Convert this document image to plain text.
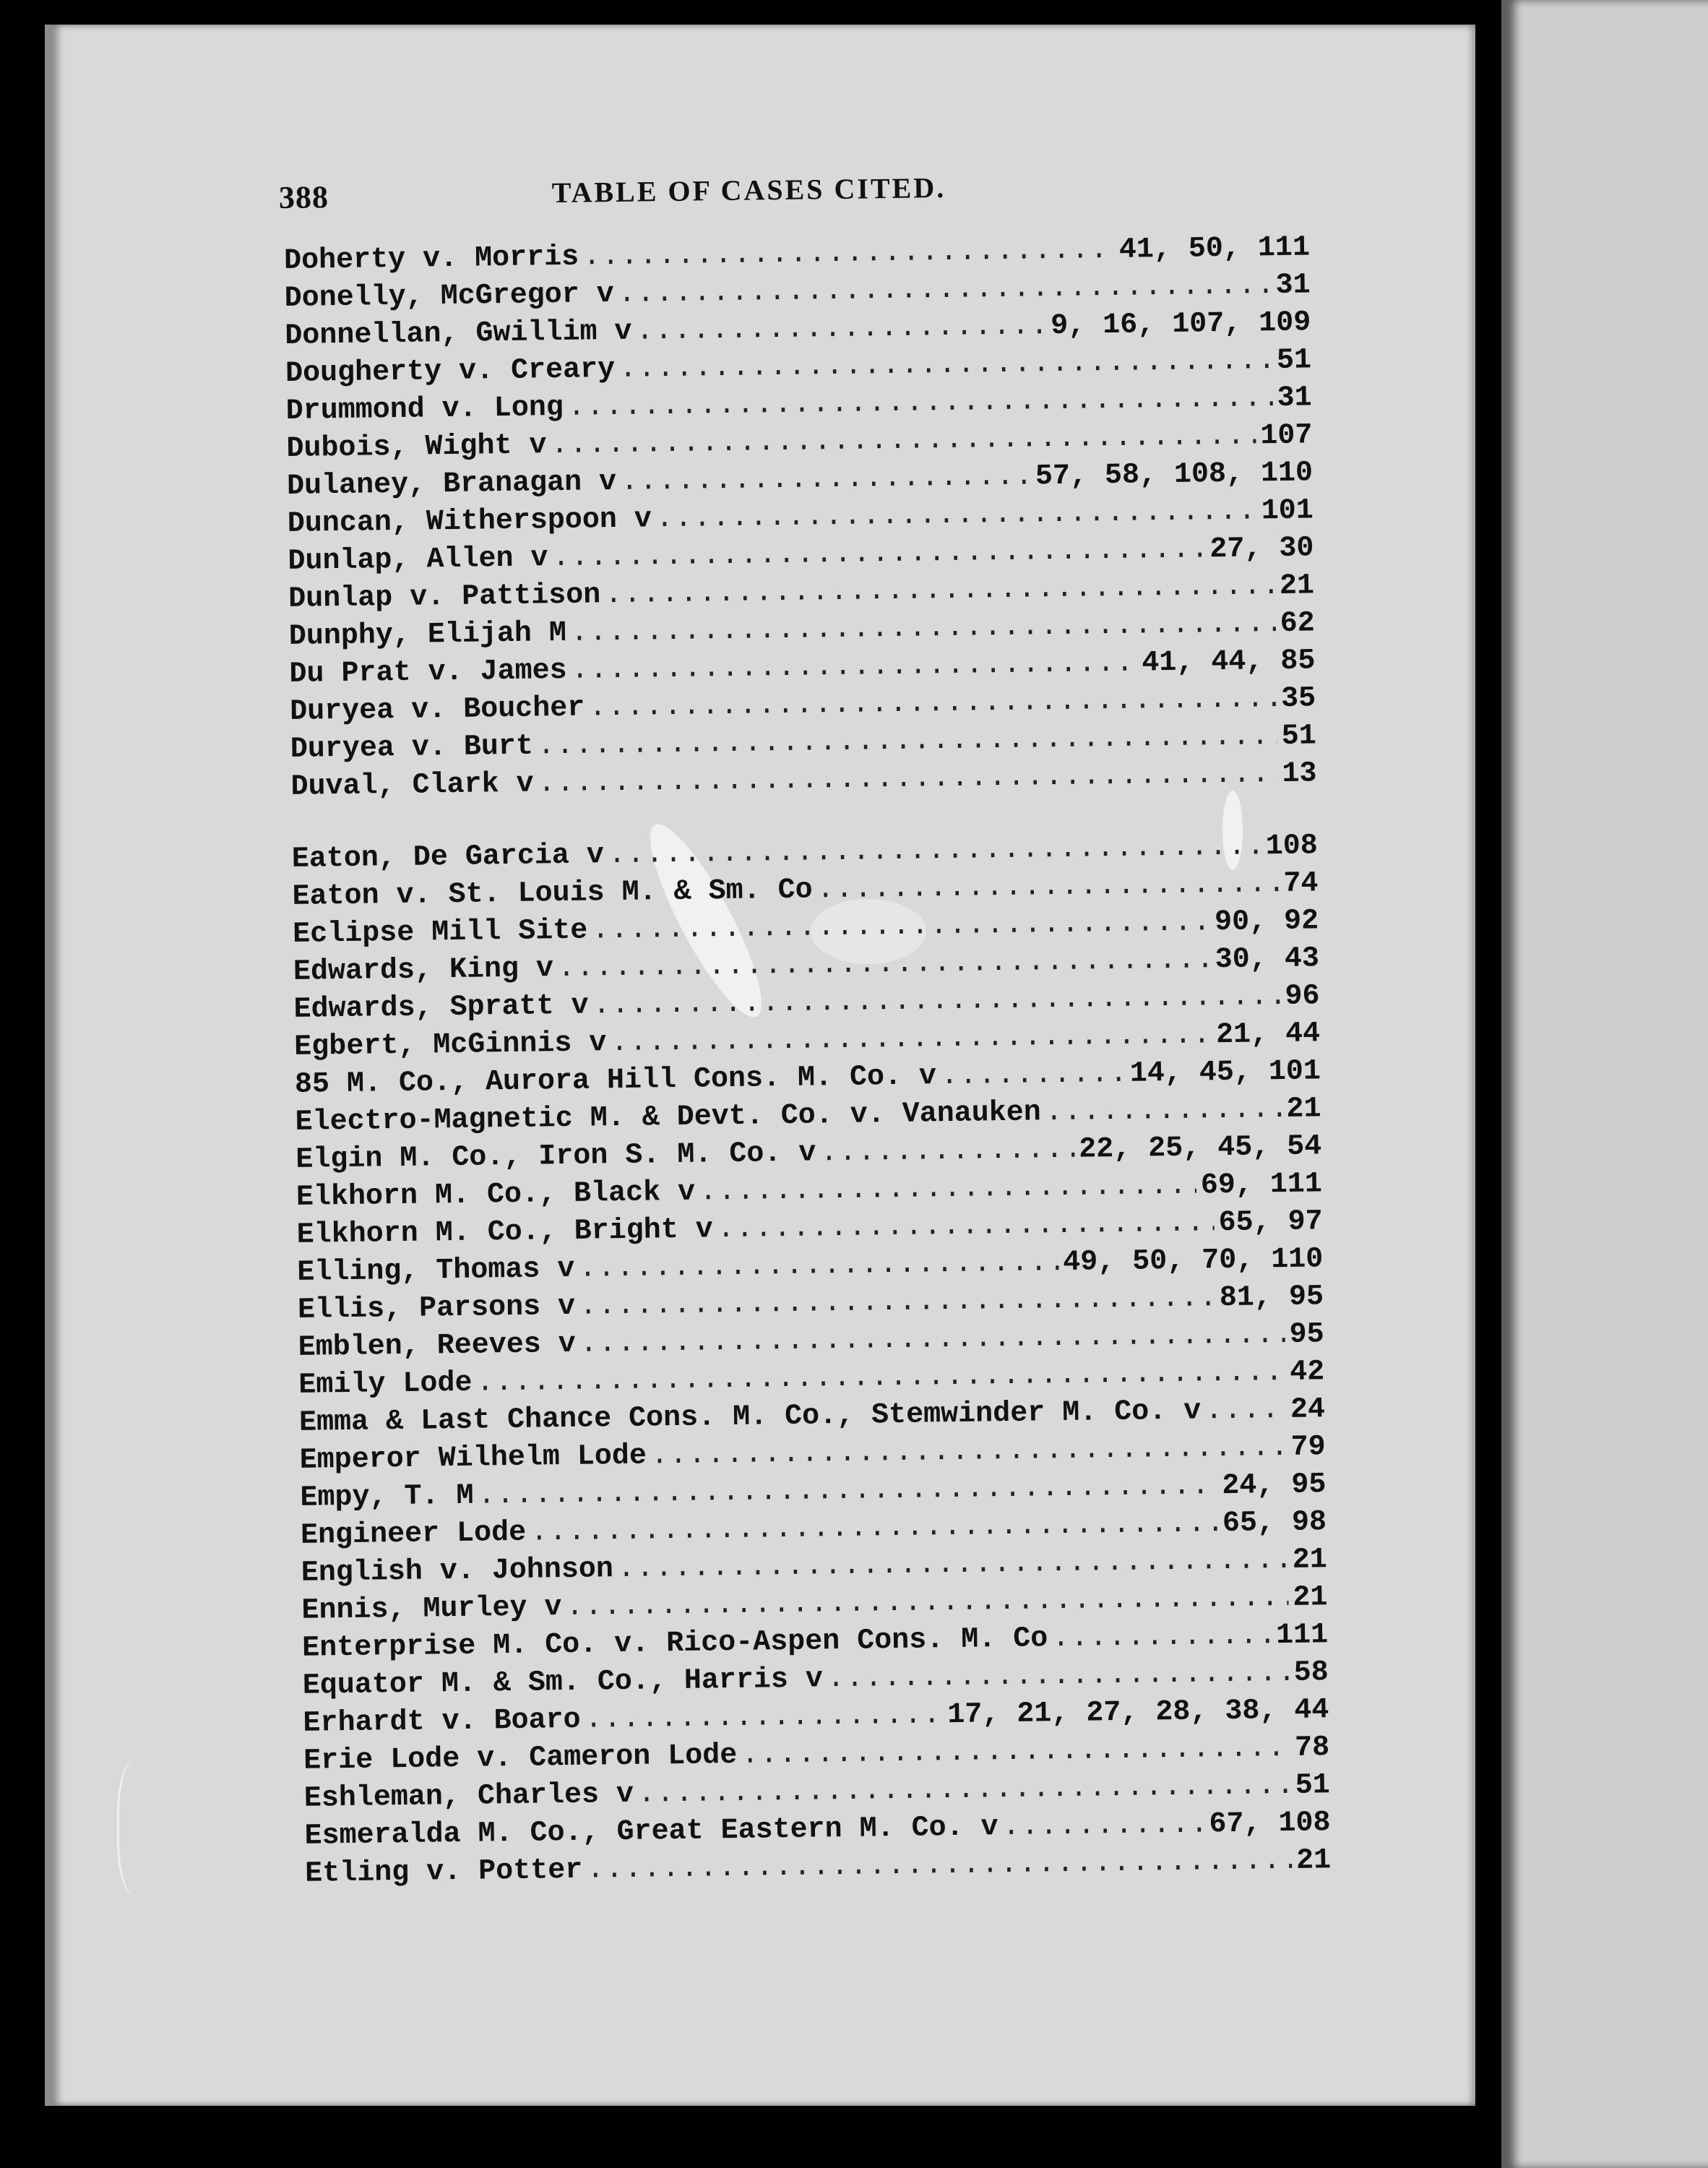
388	TABLE OF CASES CITED.
Doherty v. Morris .....	41, 50, 111
Donelly, McGregor v .....	31
Donnellan, Gwillim v .....	9, 16, 107, 109
Dougherty v. Creary .....	51
Drummond v. Long .....	31
Dubois, Wight v .....	107
Dulaney, Branagan v .....	57, 58, 108, 110
Duncan, Witherspoon v .....	101
Dunlap, Allen v .....	27, 30
Dunlap v. Pattison .....	21
Dunphy, Elijah M .....	62
Du Prat v. James .....	41, 44, 85
Duryea v. Boucher .....	35
Duryea v. Burt .....	51
Duval, Clark v .....	13
Eaton, De Garcia v .....	108
Eaton v. St. Louis M. & Sm. Co .....	74
Eclipse Mill Site .....	90, 92
Edwards, King v .....	30, 43
Edwards, Spratt v .....	96
Egbert, McGinnis v .....	21, 44
85 M. Co., Aurora Hill Cons. M. Co. v .....	14, 45, 101
Electro-Magnetic M. & Devt. Co. v. Vanauken .....	21
Elgin M. Co., Iron S. M. Co. v .....	22, 25, 45, 54
Elkhorn M. Co., Black v .....	69, 111
Elkhorn M. Co., Bright v .....	65, 97
Elling, Thomas v .....	49, 50, 70, 110
Ellis, Parsons v .....	81, 95
Emblen, Reeves v .....	95
Emily Lode .....	42
Emma & Last Chance Cons. M. Co., Stemwinder M. Co. v .....	24
Emperor Wilhelm Lode .....	79
Empy, T. M .....	24, 95
Engineer Lode .....	65, 98
English v. Johnson .....	21
Ennis, Murley v .....	21
Enterprise M. Co. v. Rico-Aspen Cons. M. Co .....	111
Equator M. & Sm. Co., Harris v .....	58
Erhardt v. Boaro .....	17, 21, 27, 28, 38, 44
Erie Lode v. Cameron Lode .....	78
Eshleman, Charles v .....	51
Esmeralda M. Co., Great Eastern M. Co. v .....	67, 108
Etling v. Potter .....	21
